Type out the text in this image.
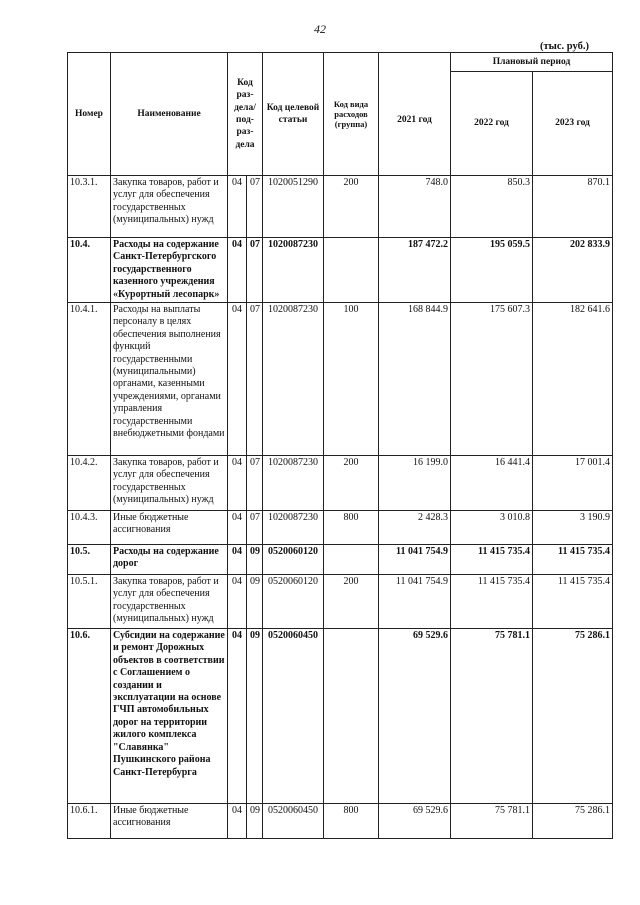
42
(тыс. руб.)
Номер	Наименование	Код раз-дела/ под-раз-дела		Код целевой статьи	Код вида расходов (группа)	2021 год	Плановый период	
							2022 год	2023 год
10.3.1.	Закупка товаров, работ и услуг для обеспечения государственных (муниципальных) нужд	04	07	1020051290	200	748.0	850.3	870.1
10.4.	Расходы на содержание Санкт-Петербургского государственного казенного учреждения «Курортный лесопарк»	04	07	1020087230		187 472.2	195 059.5	202 833.9
10.4.1.	Расходы на выплаты персоналу в целях обеспечения выполнения функций государственными (муниципальными) органами, казенными учреждениями, органами управления государственными внебюджетными фондами	04	07	1020087230	100	168 844.9	175 607.3	182 641.6
10.4.2.	Закупка товаров, работ и услуг для обеспечения государственных (муниципальных) нужд	04	07	1020087230	200	16 199.0	16 441.4	17 001.4
10.4.3.	Иные бюджетные ассигнования	04	07	1020087230	800	2 428.3	3 010.8	3 190.9
10.5.	Расходы на содержание дорог	04	09	0520060120		11 041 754.9	11 415 735.4	11 415 735.4
10.5.1.	Закупка товаров, работ и услуг для обеспечения государственных (муниципальных) нужд	04	09	0520060120	200	11 041 754.9	11 415 735.4	11 415 735.4
10.6.	Субсидии на содержание и ремонт Дорожных объектов в соответствии с Соглашением о создании и эксплуатации на основе ГЧП автомобильных дорог на территории жилого комплекса "Славянка" Пушкинского района Санкт-Петербурга	04	09	0520060450		69 529.6	75 781.1	75 286.1
10.6.1.	Иные бюджетные ассигнования	04	09	0520060450	800	69 529.6	75 781.1	75 286.1
